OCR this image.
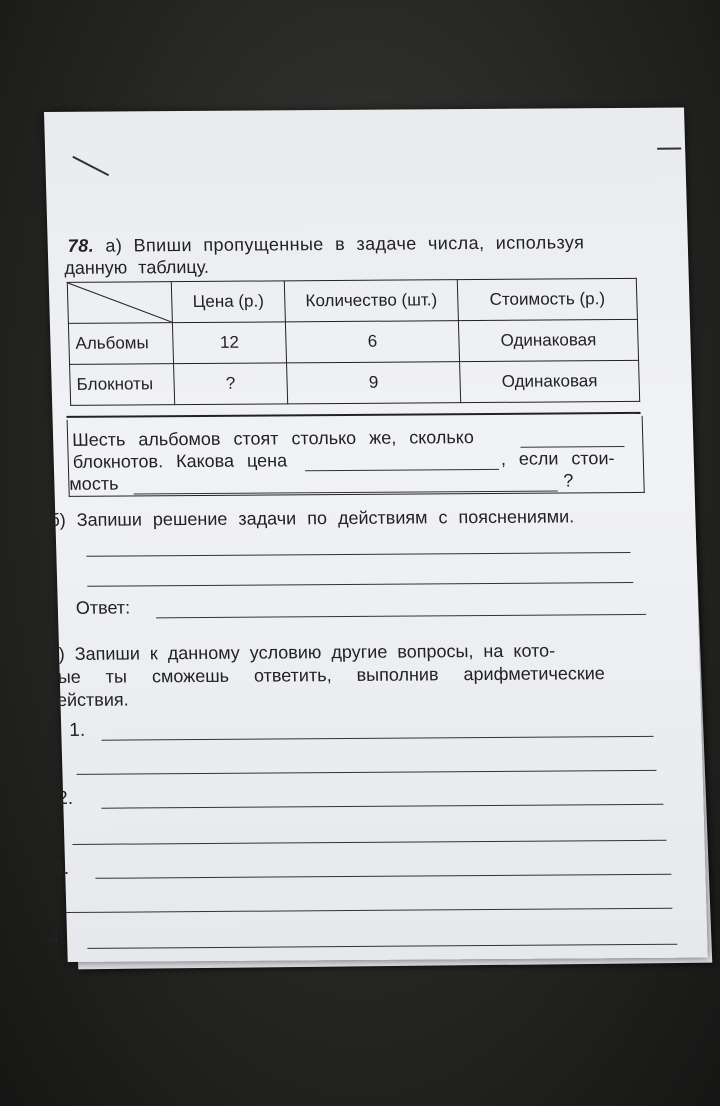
78. а) Впиши пропущенные в задаче числа, используя
данную таблицу.
	Цена (р.)	Количество (шт.)	Стоимость (р.)
Альбомы	12	6	Одинаковая
Блокноты	?	9	Одинаковая
Шесть альбомов стоят столько же, сколько
блокнотов. Какова цена	, если стои-
мость	?
б) Запиши решение задачи по действиям с пояснениями.
Ответ:
в) Запиши к данному условию другие вопросы, на кото-
рые ты сможешь ответить, выполнив арифметические
действия.
1.
2.
3.
4.
